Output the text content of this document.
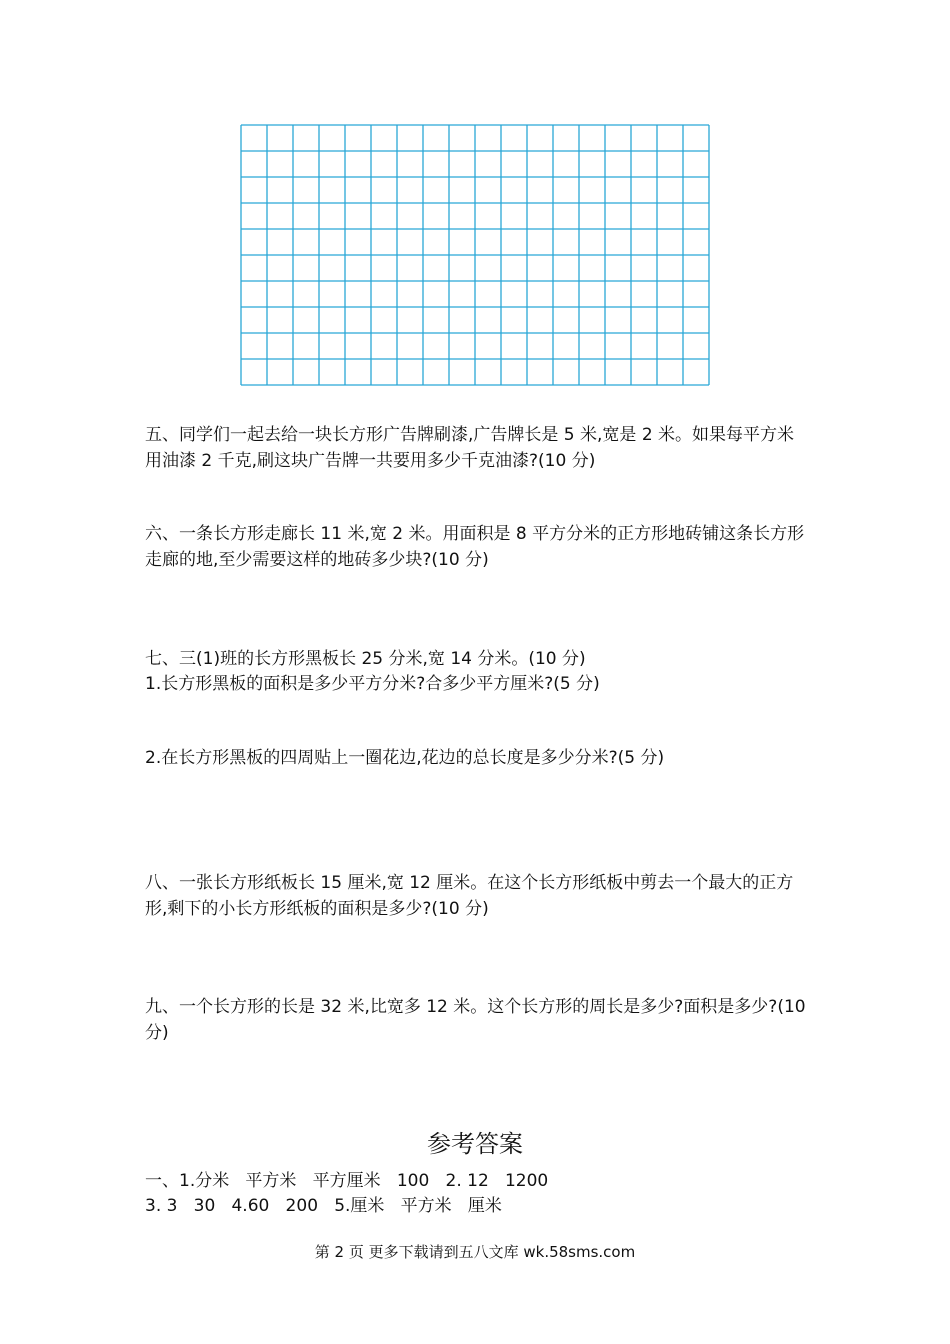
五、同学们一起去给一块长方形广告牌刷漆,广告牌长是 5 米,宽是 2 米。如果每平方米用油漆 2 千克,刷这块广告牌一共要用多少千克油漆?(10 分)

六、一条长方形走廊长 11 米,宽 2 米。用面积是 8 平方分米的正方形地砖铺这条长方形走廊的地,至少需要这样的地砖多少块?(10 分)

七、三(1)班的长方形黑板长 25 分米,宽 14 分米。(10 分)

1.长方形黑板的面积是多少平方分米?合多少平方厘米?(5 分)

2.在长方形黑板的四周贴上一圈花边,花边的总长度是多少分米?(5 分)

八、一张长方形纸板长 15 厘米,宽 12 厘米。在这个长方形纸板中剪去一个最大的正方形,剩下的小长方形纸板的面积是多少?(10 分)

九、一个长方形的长是 32 米,比宽多 12 米。这个长方形的周长是多少?面积是多少?(10 分)

参考答案
一、1.分米   平方米   平方厘米   100   2. 12   1200
3. 3   30   4.60   200   5.厘米   平方米   厘米
第 2 页 更多下载请到五八文库 wk.58sms.com
